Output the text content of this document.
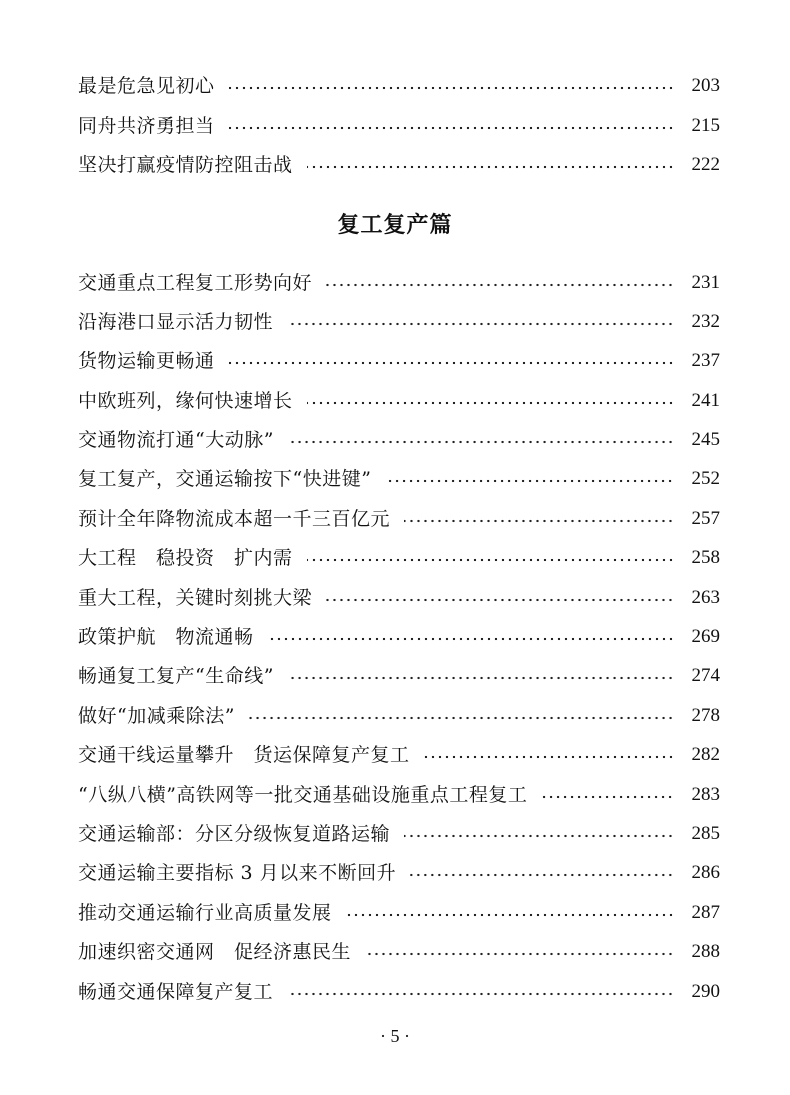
最是危急见初心	203
同舟共济勇担当	215
坚决打赢疫情防控阻击战	222
复工复产篇
交通重点工程复工形势向好	231
沿海港口显示活力韧性	232
货物运输更畅通	237
中欧班列，缘何快速增长	241
交通物流打通“大动脉”	245
复工复产，交通运输按下“快进键”	252
预计全年降物流成本超一千三百亿元	257
大工程　稳投资　扩内需	258
重大工程，关键时刻挑大梁	263
政策护航　物流通畅	269
畅通复工复产“生命线”	274
做好“加减乘除法”	278
交通干线运量攀升　货运保障复产复工	282
“八纵八横”高铁网等一批交通基础设施重点工程复工	283
交通运输部：分区分级恢复道路运输	285
交通运输主要指标 3 月以来不断回升	286
推动交通运输行业高质量发展	287
加速织密交通网　促经济惠民生	288
畅通交通保障复产复工	290
· 5 ·
